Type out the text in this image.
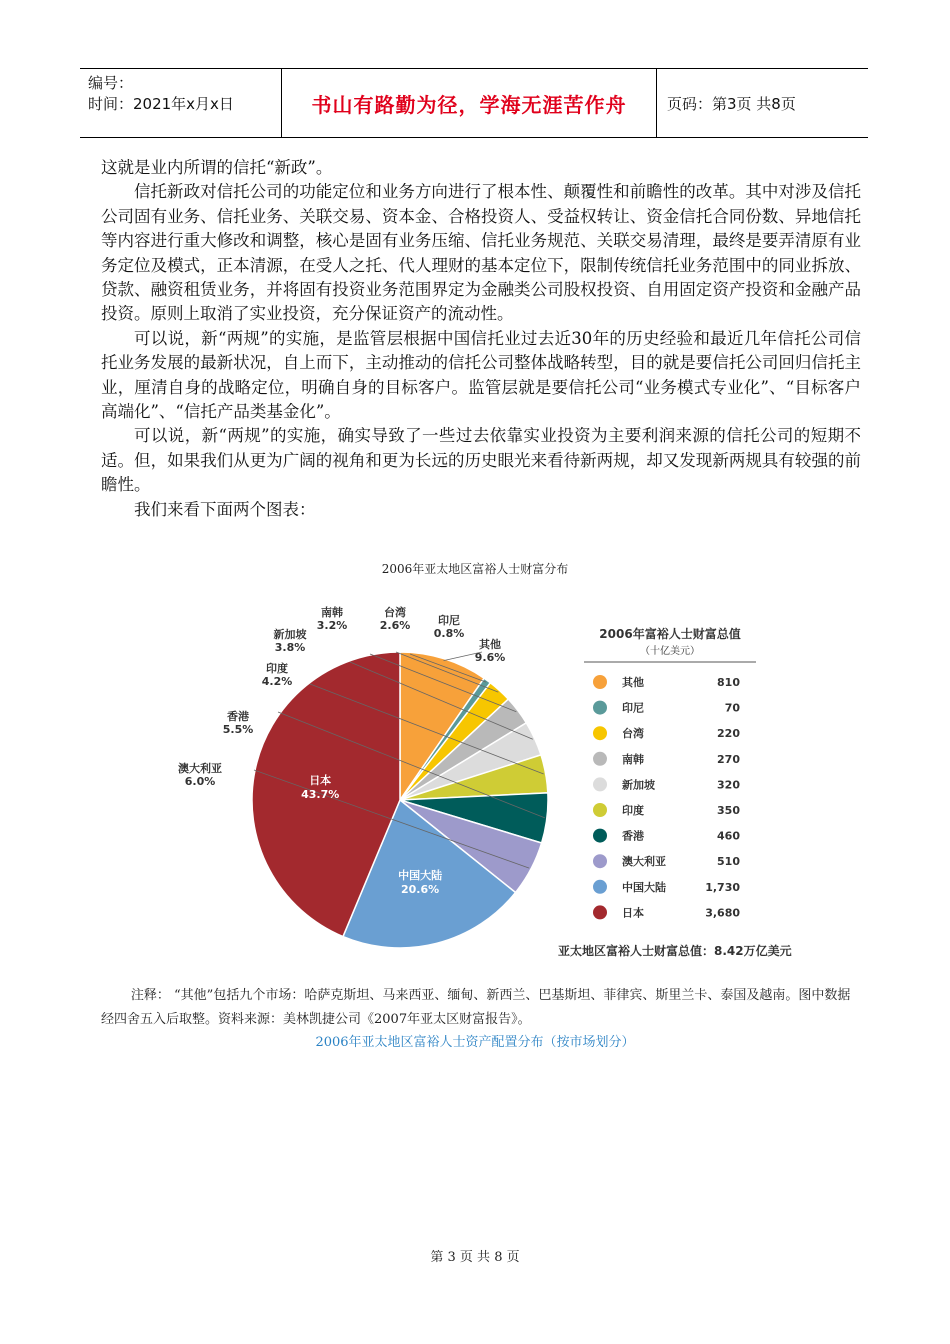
编号：
时间：2021年x月x日	书山有路勤为径，学海无涯苦作舟	页码：第3页 共8页

这就是业内所谓的信托“新政”。

信托新政对信托公司的功能定位和业务方向进行了根本性、颠覆性和前瞻性的改革。其中对涉及信托公司固有业务、信托业务、关联交易、资本金、合格投资人、受益权转让、资金信托合同份数、异地信托等内容进行重大修改和调整，核心是固有业务压缩、信托业务规范、关联交易清理，最终是要弄清原有业务定位及模式，正本清源，在受人之托、代人理财的基本定位下，限制传统信托业务范围中的同业拆放、贷款、融资租赁业务，并将固有投资业务范围界定为金融类公司股权投资、自用固定资产投资和金融产品投资。原则上取消了实业投资，充分保证资产的流动性。

可以说，新“两规”的实施，是监管层根据中国信托业过去近30年的历史经验和最近几年信托公司信托业务发展的最新状况，自上而下，主动推动的信托公司整体战略转型，目的就是要信托公司回归信托主业，厘清自身的战略定位，明确自身的目标客户。监管层就是要信托公司“业务模式专业化”、“目标客户高端化”、“信托产品类基金化”。

可以说，新“两规”的实施，确实导致了一些过去依靠实业投资为主要利润来源的信托公司的短期不适。但，如果我们从更为广阔的视角和更为长远的历史眼光来看待新两规，却又发现新两规具有较强的前瞻性。

我们来看下面两个图表：

2006年亚太地区富裕人士财富分布
其他
9.6%
印尼
0.8%
台湾
2.6%
南韩
3.2%
新加坡
3.8%
印度
4.2%
香港
5.5%
澳大利亚
6.0%
中国大陆
20.6%
日本
43.7%
2006年富裕人士财富总值
（十亿美元）
其他	810
印尼	70
台湾	220
南韩	270
新加坡	320
印度	350
香港	460
澳大利亚	510
中国大陆	1,730
日本	3,680
亚太地区富裕人士财富总值：8.42万亿美元

注释： “其他”包括九个市场：哈萨克斯坦、马来西亚、缅甸、新西兰、巴基斯坦、菲律宾、斯里兰卡、泰国及越南。图中数据经四舍五入后取整。资料来源：美林凯捷公司《2007年亚太区财富报告》。

2006年亚太地区富裕人士资产配置分布（按市场划分）
第 3 页 共 8 页
